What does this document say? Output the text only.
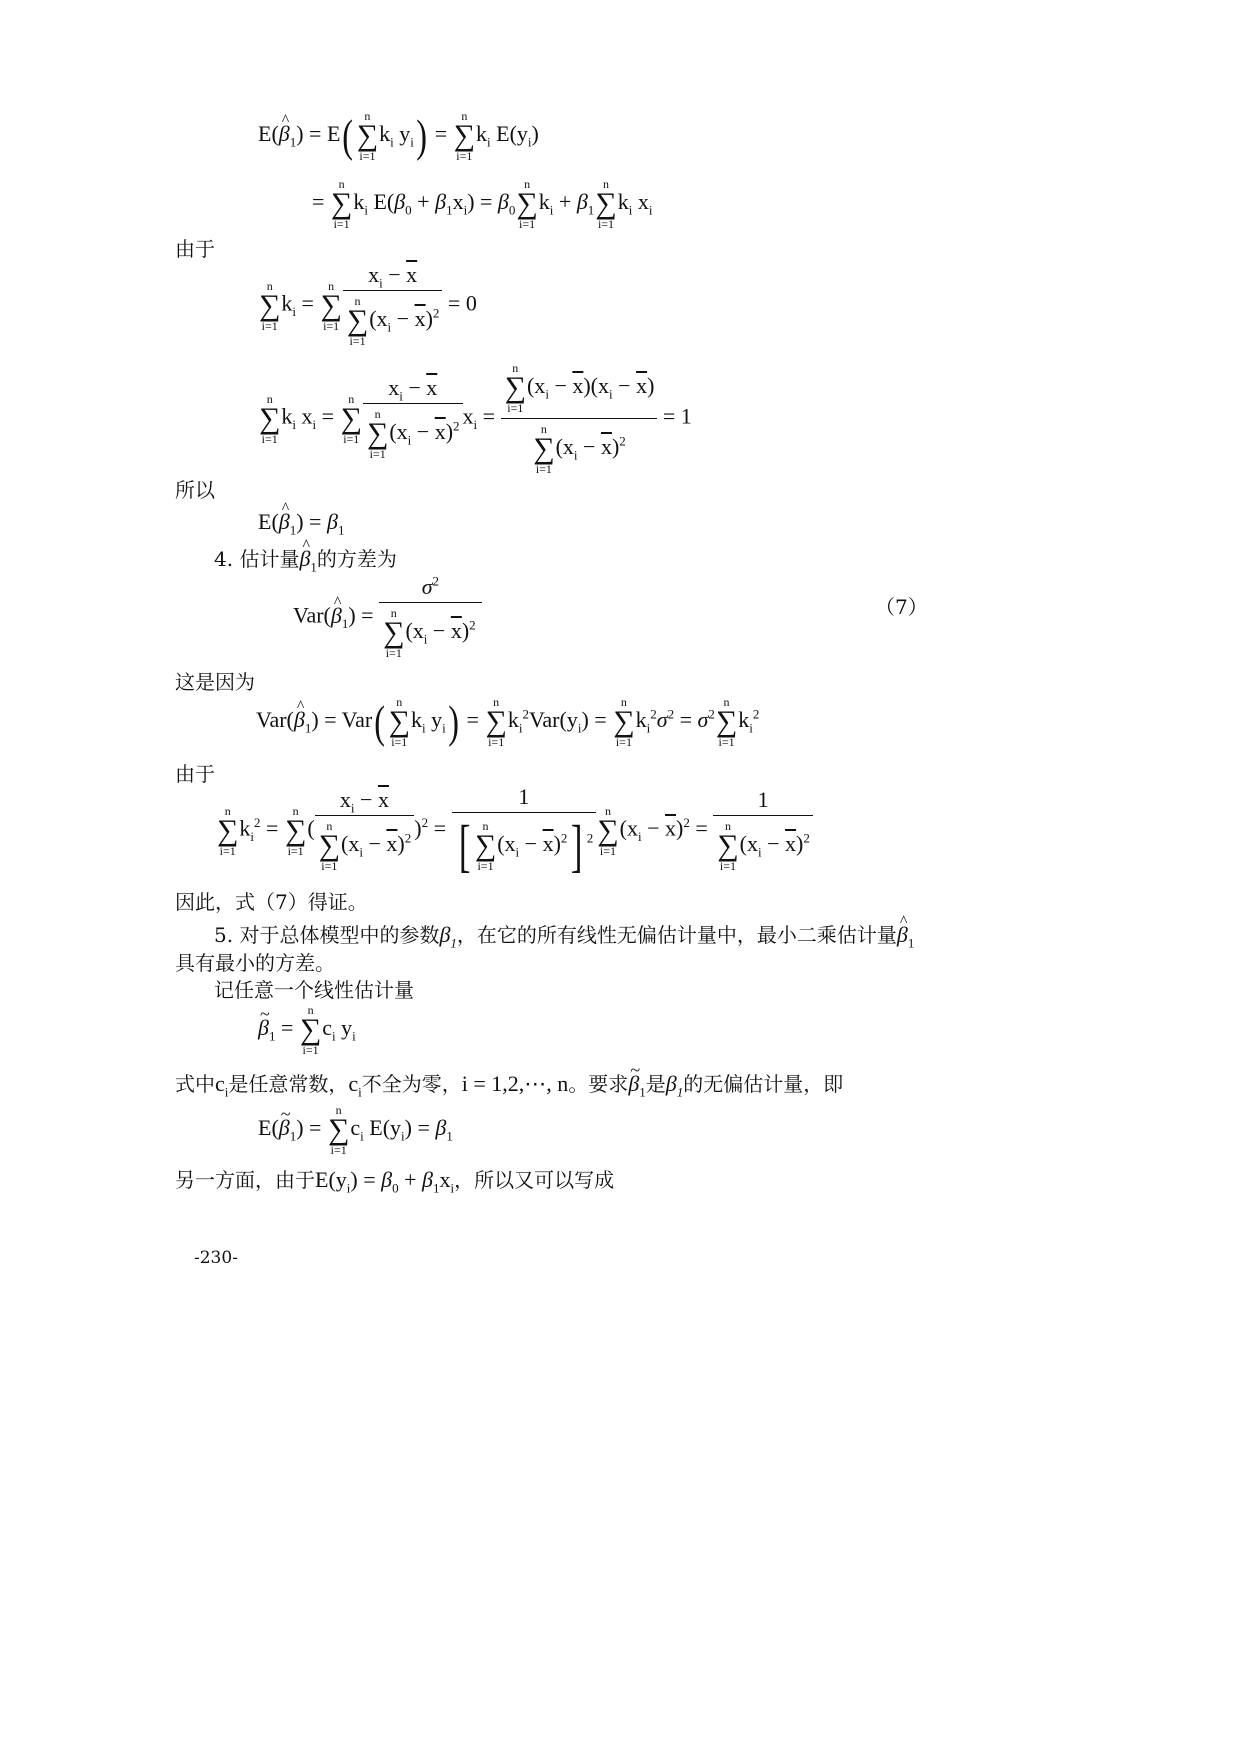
E(^ $\beta_1) = E$( n
∑
i=1
$k_i$ $y_i$) =
n
∑
i=1
$k_i$ $E(y_i)$
=
n
∑
i=1
$k_i$ $E(\beta_0 + \beta_1x_i) = \beta_0$
n
∑
i=1
$k_i + \beta_1$
n
∑
i=1
$k_i$ $x_i$
由于
n
∑
i=1
$k_i$ =
n
∑
i=1 $x_i - \overline{x}$
n
∑
i=1
$(x_i - \overline{x})^2 = 0$
n
∑
i=1
$k_i$ $x_i$ =
n
∑
i=1 $x_i - \overline{x}$
n
∑
i=1
$(x_i - \overline{x})^2$ $x_i = n$
∑
i=1
$(x_i - \overline{x})(x_i - \overline{x})$
n
∑
i=1
$(x_i - \overline{x})^2 = 1$
所以
E(^ $\beta_1) = \beta_1$
4. 估计量^ $\beta_1$的方差为
Var(^ $\beta_1) = \sigma^2$
n
∑
i=1
$(x_i - \overline{x})^2$	（7）
这是因为
Var(^ $\beta_1) = Var$( n
∑
i=1
$k_i$ $y_i$) =
n
∑
i=1
$k_i^2Var(y_i)$ =
n
∑
i=1
$k_i^2\sigma^2 = \sigma^2$
n
∑
i=1
$k_i^2$
由于
n
∑
i=1
$k_i^2$ =
n
∑
i=1
( $x_i - \overline{x}$
n
∑
i=1
$(x_i - \overline{x})^2$ )$^2$ = 1
[	n
∑
i=1
$(x_i - \overline{x})^2$] $^2$ n
∑
i=1
$(x_i - \overline{x})^2 = 1$
n
∑
i=1
$(x_i - \overline{x})^2$
因此，式（7）得证。
5. 对于总体模型中的参数$\beta_1$，在它的所有线性无偏估计量中，最小二乘估计量^ $\beta_1$
具有最小的方差。
记任意一个线性估计量
~ $\beta_1$ =
n
∑
i=1
$c_i$ $y_i$
式中$c_i$是任意常数，$c_i$不全为零，i = 1,2,⋯, n。要求~ $\beta_1$是$\beta_1$的无偏估计量，即
E(~ $\beta_1$) =
n
∑
i=1
$c_i$ $E(y_i) = \beta_1$
另一方面，由于$E(y_i) = \beta_0 + \beta_1x_i$，所以又可以写成
-230-
